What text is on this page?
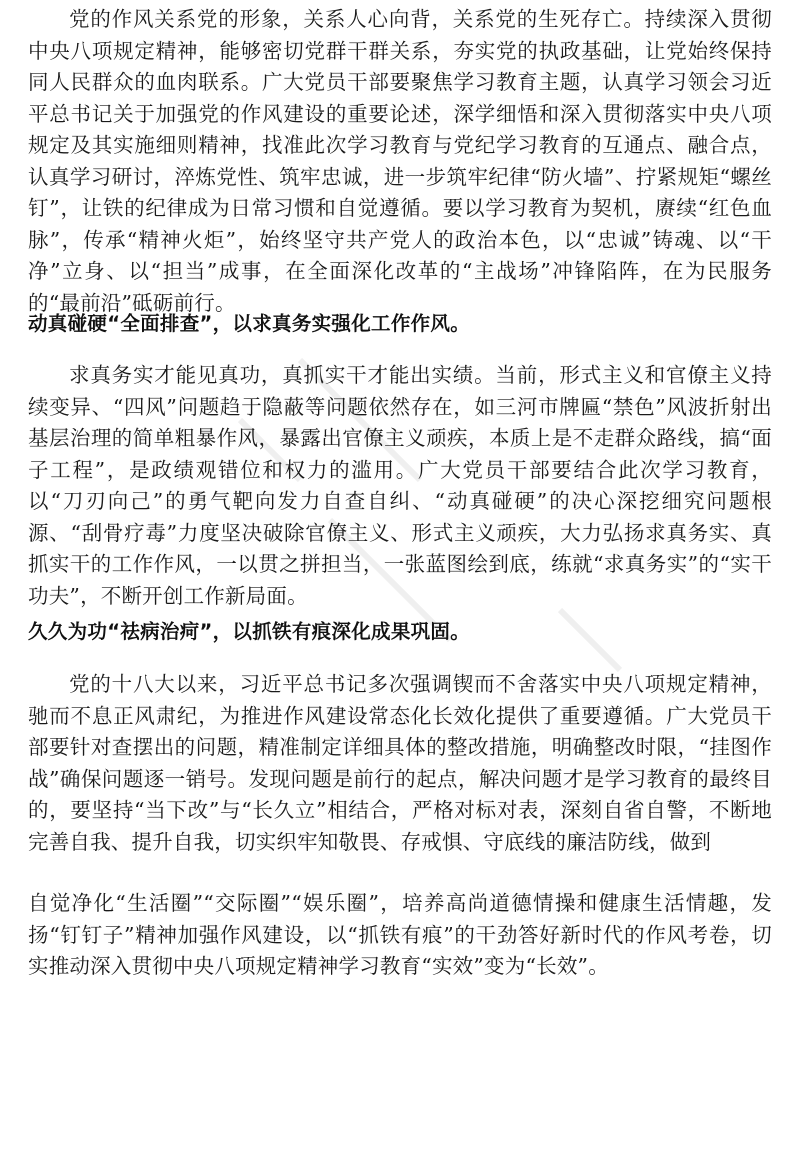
党的作风关系党的形象，关系人心向背，关系党的生死存亡。持续深入贯彻中央八项规定精神，能够密切党群干群关系，夯实党的执政基础，让党始终保持同人民群众的血肉联系。广大党员干部要聚焦学习教育主题，认真学习领会习近平总书记关于加强党的作风建设的重要论述，深学细悟和深入贯彻落实中央八项规定及其实施细则精神，找准此次学习教育与党纪学习教育的互通点、融合点，认真学习研讨，淬炼党性、筑牢忠诚，进一步筑牢纪律“防火墙”、拧紧规矩“螺丝钉”，让铁的纪律成为日常习惯和自觉遵循。要以学习教育为契机，赓续“红色血脉”，传承“精神火炬”，始终坚守共产党人的政治本色，以“忠诚”铸魂、以“干净”立身、以“担当”成事，在全面深化改革的“主战场”冲锋陷阵，在为民服务的“最前沿”砥砺前行。

动真碰硬“全面排查”，以求真务实强化工作作风。

求真务实才能见真功，真抓实干才能出实绩。当前，形式主义和官僚主义持续变异、“四风”问题趋于隐蔽等问题依然存在，如三河市牌匾“禁色”风波折射出基层治理的简单粗暴作风，暴露出官僚主义顽疾，本质上是不走群众路线，搞“面子工程”，是政绩观错位和权力的滥用。广大党员干部要结合此次学习教育，以“刀刃向己”的勇气靶向发力自查自纠、“动真碰硬”的决心深挖细究问题根源、“刮骨疗毒”力度坚决破除官僚主义、形式主义顽疾，大力弘扬求真务实、真抓实干的工作作风，一以贯之拼担当，一张蓝图绘到底，练就“求真务实”的“实干功夫”，不断开创工作新局面。

久久为功“祛病治疴”，以抓铁有痕深化成果巩固。

党的十八大以来，习近平总书记多次强调锲而不舍落实中央八项规定精神，驰而不息正风肃纪，为推进作风建设常态化长效化提供了重要遵循。广大党员干部要针对查摆出的问题，精准制定详细具体的整改措施，明确整改时限，“挂图作战”确保问题逐一销号。发现问题是前行的起点，解决问题才是学习教育的最终目的，要坚持“当下改”与“长久立”相结合，严格对标对表，深刻自省自警，不断地完善自我、提升自我，切实织牢知敬畏、存戒惧、守底线的廉洁防线，做到

自觉净化“生活圈”“交际圈”“娱乐圈”，培养高尚道德情操和健康生活情趣，发扬“钉钉子”精神加强作风建设，以“抓铁有痕”的干劲答好新时代的作风考卷，切实推动深入贯彻中央八项规定精神学习教育“实效”变为“长效”。
